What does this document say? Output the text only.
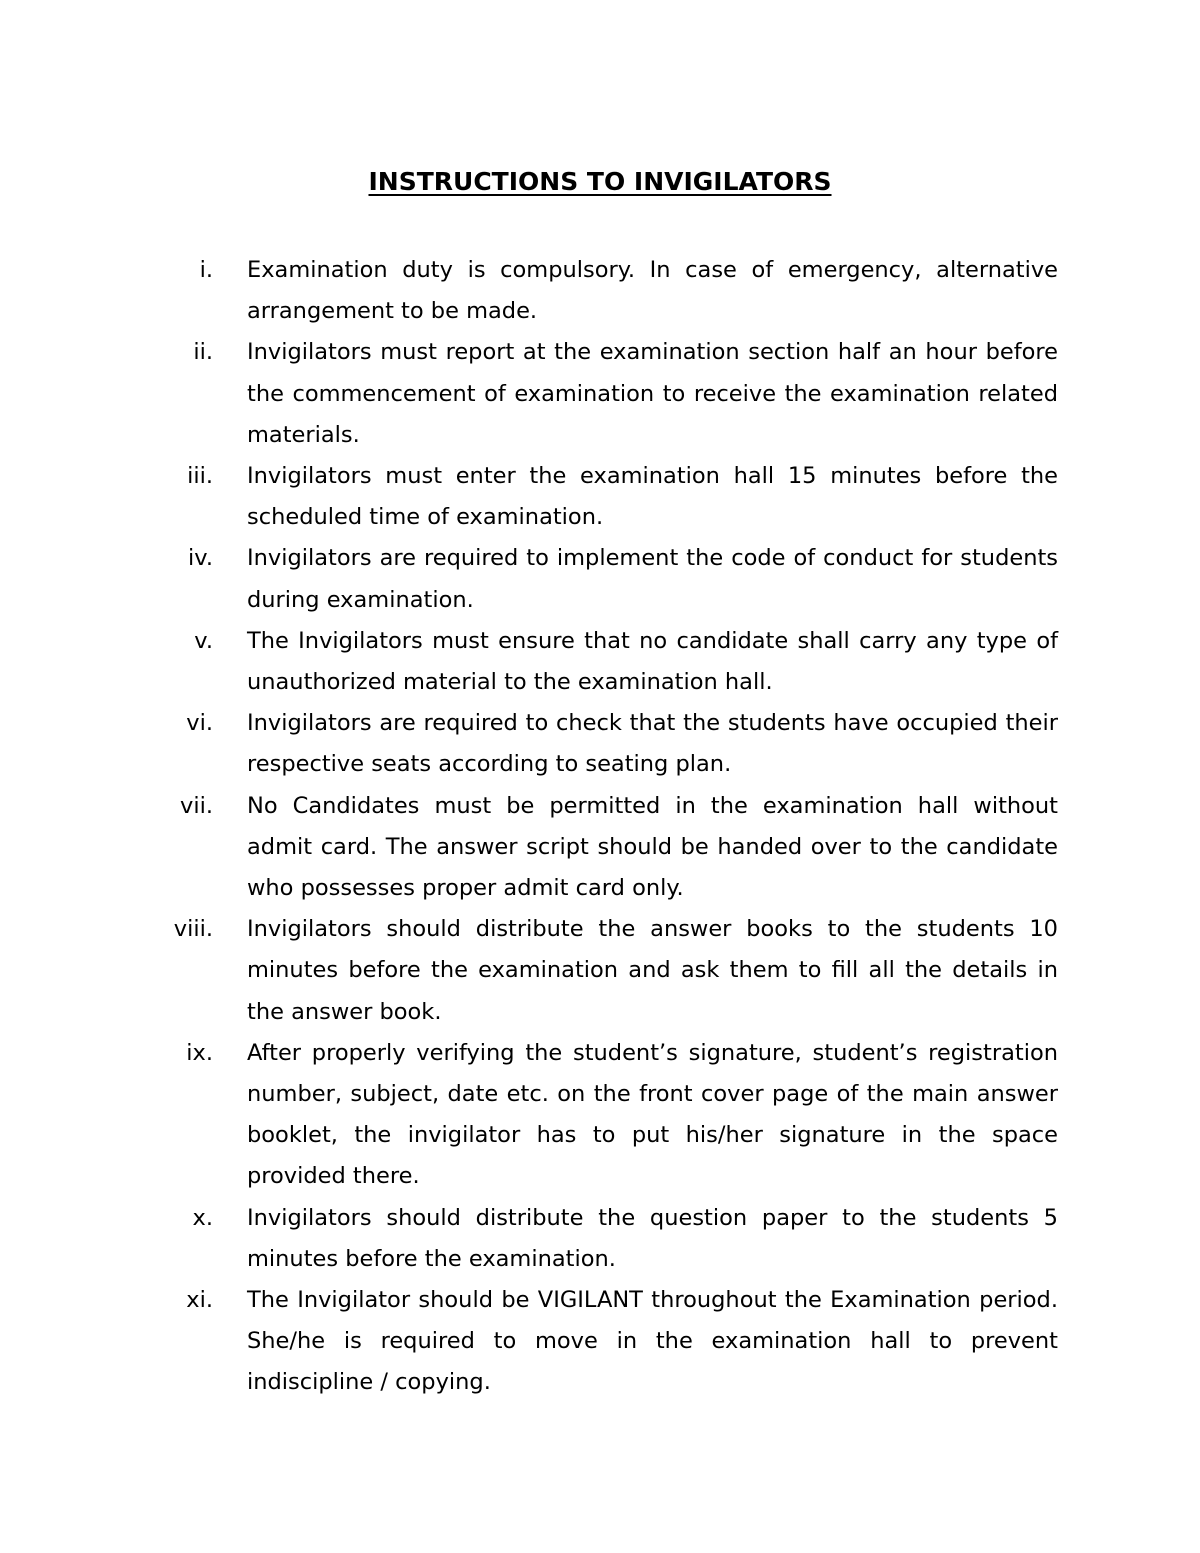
INSTRUCTIONS TO INVIGILATORS
i. Examination duty is compulsory. In case of emergency, alternative arrangement to be made.
ii. Invigilators must report at the examination section half an hour before the commencement of examination to receive the examination related materials.
iii. Invigilators must enter the examination hall 15 minutes before the scheduled time of examination.
iv. Invigilators are required to implement the code of conduct for students during examination.
v. The Invigilators must ensure that no candidate shall carry any type of unauthorized material to the examination hall.
vi. Invigilators are required to check that the students have occupied their respective seats according to seating plan.
vii. No Candidates must be permitted in the examination hall without admit card. The answer script should be handed over to the candidate who possesses proper admit card only.
viii. Invigilators should distribute the answer books to the students 10 minutes before the examination and ask them to fill all the details in the answer book.
ix. After properly verifying the student’s signature, student’s registration number, subject, date etc. on the front cover page of the main answer booklet, the invigilator has to put his/her signature in the space provided there.
x. Invigilators should distribute the question paper to the students 5 minutes before the examination.
xi. The Invigilator should be VIGILANT throughout the Examination period. She/he is required to move in the examination hall to prevent indiscipline / copying.
